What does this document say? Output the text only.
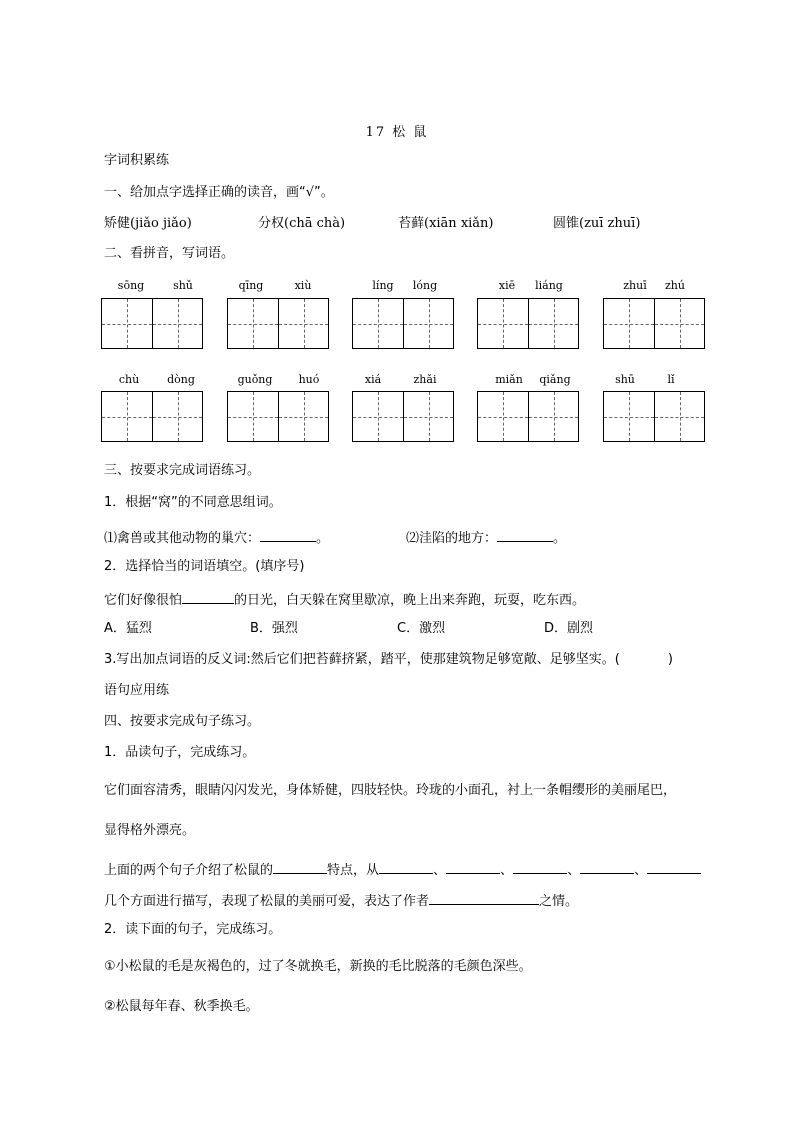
17 松 鼠
字词积累练
一、给加点字选择正确的读音，画“√”。
矫健(jiǎo jiǎo)	分权(chā chà)	苔藓(xiān xiǎn)	圆锥(zuī zhuī)
二、看拼音，写词语。
sōng	shǔ	qīng	xiù	líng	lóng	xiē	liáng	zhuī	zhú
chù	dòng	guǒng	huó	xiá	zhǎi	miǎn	qiǎng	shū	lǐ
三、按要求完成词语练习。
1．根据“窝”的不同意思组词。
⑴禽兽或其他动物的巢穴：	。	⑵洼陷的地方：	。
2．选择恰当的词语填空。(填序号)
它们好像很怕	的日光，白天躲在窝里歇凉，晚上出来奔跑，玩耍，吃东西。
A．猛烈	B．强烈	C．激烈	D．剧烈
3.写出加点词语的反义词:然后它们把苔藓挤紧，踏平，使那建筑物足够宽敞、足够坚实。(	)
语句应用练
四、按要求完成句子练习。
1．品读句子，完成练习。
它们面容清秀，眼睛闪闪发光，身体矫健，四肢轻快。玲珑的小面孔，衬上一条帽缨形的美丽尾巴，
显得格外漂亮。
上面的两个句子介绍了松鼠的	特点，从	、	、	、	、
几个方面进行描写，表现了松鼠的美丽可爱，表达了作者	之情。
2．读下面的句子，完成练习。
①小松鼠的毛是灰褐色的，过了冬就换毛，新换的毛比脱落的毛颜色深些。
②松鼠每年春、秋季换毛。
